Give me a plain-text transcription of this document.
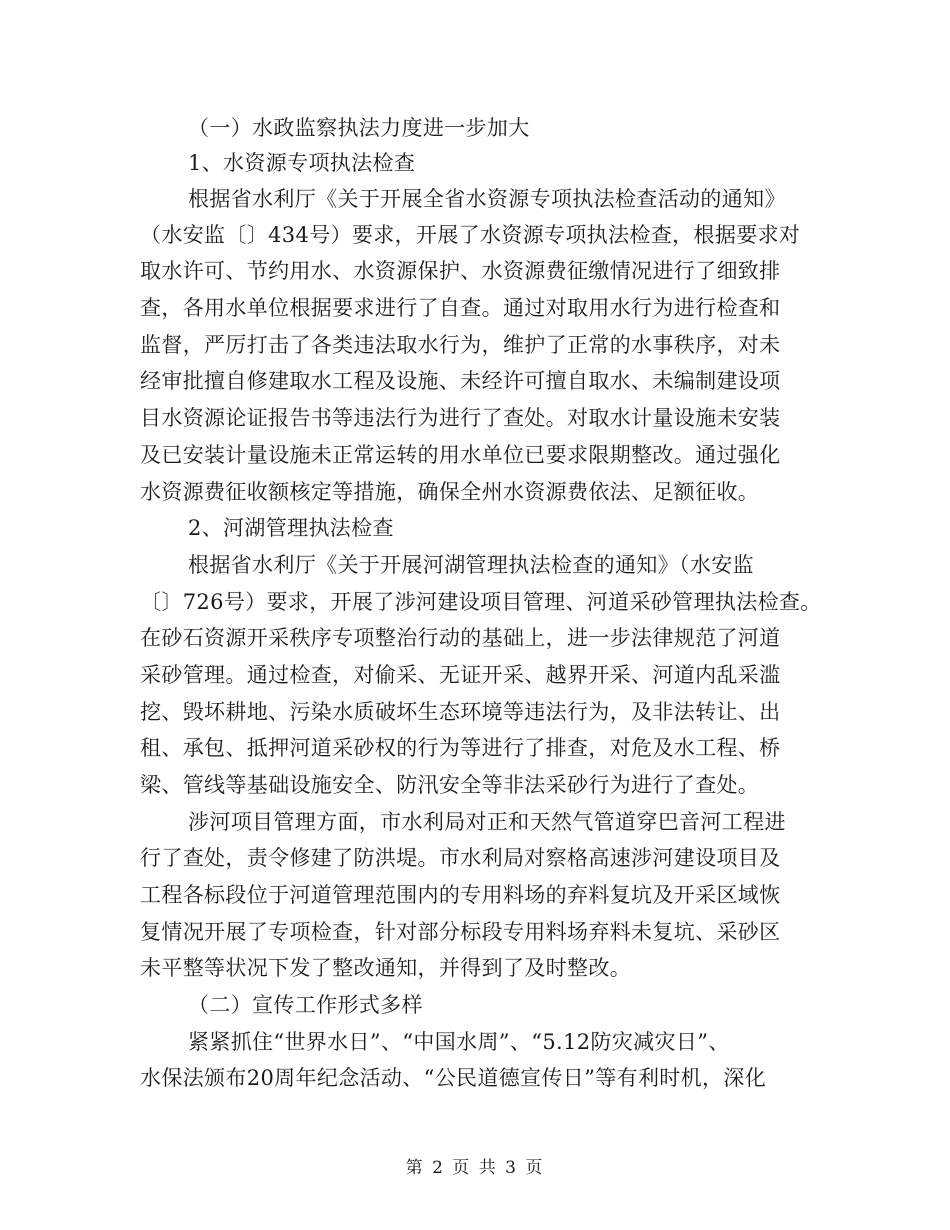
（一）水政监察执法力度进一步加大
1、水资源专项执法检查
根据省水利厅《关于开展全省水资源专项执法检查活动的通知》
（水安监〔〕434号）要求，开展了水资源专项执法检查，根据要求对
取水许可、节约用水、水资源保护、水资源费征缴情况进行了细致排
查，各用水单位根据要求进行了自查。通过对取用水行为进行检查和
监督，严厉打击了各类违法取水行为，维护了正常的水事秩序，对未
经审批擅自修建取水工程及设施、未经许可擅自取水、未编制建设项
目水资源论证报告书等违法行为进行了查处。对取水计量设施未安装
及已安装计量设施未正常运转的用水单位已要求限期整改。通过强化
水资源费征收额核定等措施，确保全州水资源费依法、足额征收。
2、河湖管理执法检查
根据省水利厅《关于开展河湖管理执法检查的通知》（水安监
〔〕726号）要求，开展了涉河建设项目管理、河道采砂管理执法检查。
在砂石资源开采秩序专项整治行动的基础上，进一步法律规范了河道
采砂管理。通过检查，对偷采、无证开采、越界开采、河道内乱采滥
挖、毁坏耕地、污染水质破坏生态环境等违法行为，及非法转让、出
租、承包、抵押河道采砂权的行为等进行了排查，对危及水工程、桥
梁、管线等基础设施安全、防汛安全等非法采砂行为进行了查处。
涉河项目管理方面，市水利局对正和天然气管道穿巴音河工程进
行了查处，责令修建了防洪堤。市水利局对察格高速涉河建设项目及
工程各标段位于河道管理范围内的专用料场的弃料复坑及开采区域恢
复情况开展了专项检查，针对部分标段专用料场弃料未复坑、采砂区
未平整等状况下发了整改通知，并得到了及时整改。
（二）宣传工作形式多样
紧紧抓住“世界水日”、“中国水周”、“5.12防灾减灾日”、
水保法颁布20周年纪念活动、“公民道德宣传日”等有利时机，深化
第 2 页 共 3 页
